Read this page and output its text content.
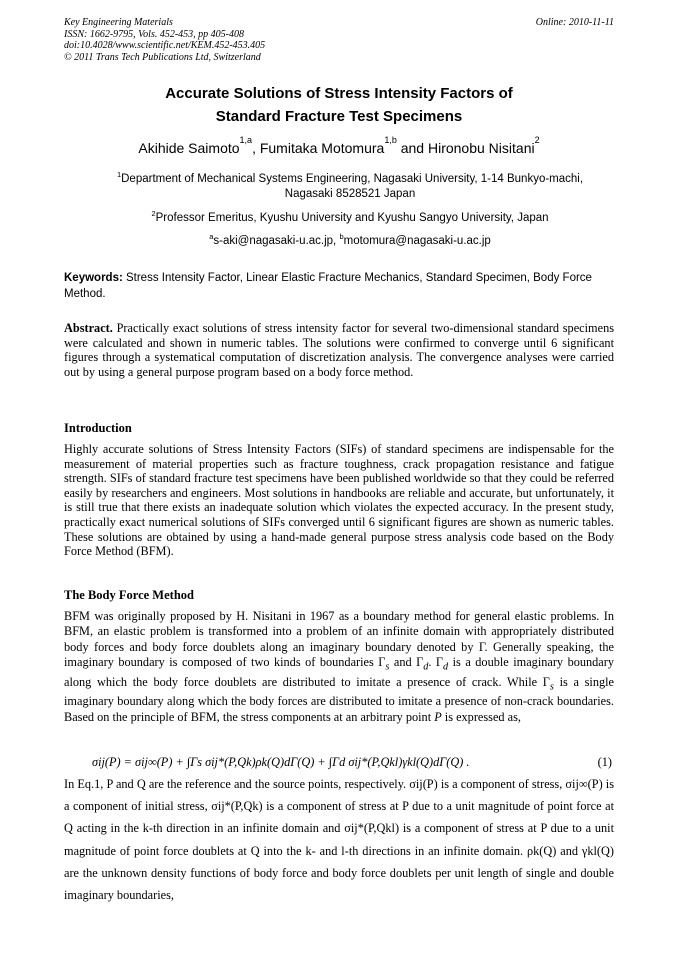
Key Engineering Materials
ISSN: 1662-9795, Vols. 452-453, pp 405-408
doi:10.4028/www.scientific.net/KEM.452-453.405
© 2011 Trans Tech Publications Ltd, Switzerland
Online: 2010-11-11
Accurate Solutions of Stress Intensity Factors of
Standard Fracture Test Specimens
Akihide Saimoto$^{1,a}$, Fumitaka Motomura$^{1,b}$ and Hironobu Nisitani$^2$
$^1$Department of Mechanical Systems Engineering, Nagasaki University, 1-14 Bunkyo-machi,
Nagasaki 8528521 Japan
$^2$Professor Emeritus, Kyushu University and Kyushu Sangyo University, Japan
$^a$s-aki@nagasaki-u.ac.jp, $^b$motomura@nagasaki-u.ac.jp
Keywords: Stress Intensity Factor, Linear Elastic Fracture Mechanics, Standard Specimen, Body Force Method.
Abstract. Practically exact solutions of stress intensity factor for several two-dimensional standard specimens were calculated and shown in numeric tables. The solutions were confirmed to converge until 6 significant figures through a systematical computation of discretization analysis. The convergence analyses were carried out by using a general purpose program based on a body force method.
Introduction
Highly accurate solutions of Stress Intensity Factors (SIFs) of standard specimens are indispensable for the measurement of material properties such as fracture toughness, crack propagation resistance and fatigue strength. SIFs of standard fracture test specimens have been published worldwide so that they could be referred easily by researchers and engineers. Most solutions in handbooks are reliable and accurate, but unfortunately, it is still true that there exists an inadequate solution which violates the expected accuracy. In the present study, practically exact numerical solutions of SIFs converged until 6 significant figures are shown as numeric tables. These solutions are obtained by using a hand-made general purpose stress analysis code based on the Body Force Method (BFM).
The Body Force Method
BFM was originally proposed by H. Nisitani in 1967 as a boundary method for general elastic problems. In BFM, an elastic problem is transformed into a problem of an infinite domain with appropriately distributed body forces and body force doublets along an imaginary boundary denoted by Γ. Generally speaking, the imaginary boundary is composed of two kinds of boundaries $\Gamma_s$ and $\Gamma_d$. $\Gamma_d$ is a double imaginary boundary along which the body force doublets are distributed to imitate a presence of crack. While $\Gamma_s$ is a single imaginary boundary along which the body forces are distributed to imitate a presence of non-crack boundaries. Based on the principle of BFM, the stress components at an arbitrary point P is expressed as,
σij(P) = σij∞(P) + ∫Γs σij*(P,Qk)ρk(Q)dΓ(Q) + ∫Γd σij*(P,Qkl)γkl(Q)dΓ(Q) .	(1)
In Eq.1, P and Q are the reference and the source points, respectively. σij(P) is a component of stress, σij∞(P) is a component of initial stress, σij*(P,Qk) is a component of stress at P due to a unit magnitude of point force at Q acting in the k-th direction in an infinite domain and σij*(P,Qkl) is a component of stress at P due to a unit magnitude of point force doublets at Q into the k- and l-th directions in an infinite domain. ρk(Q) and γkl(Q) are the unknown density functions of body force and body force doublets per unit length of single and double imaginary boundaries,
